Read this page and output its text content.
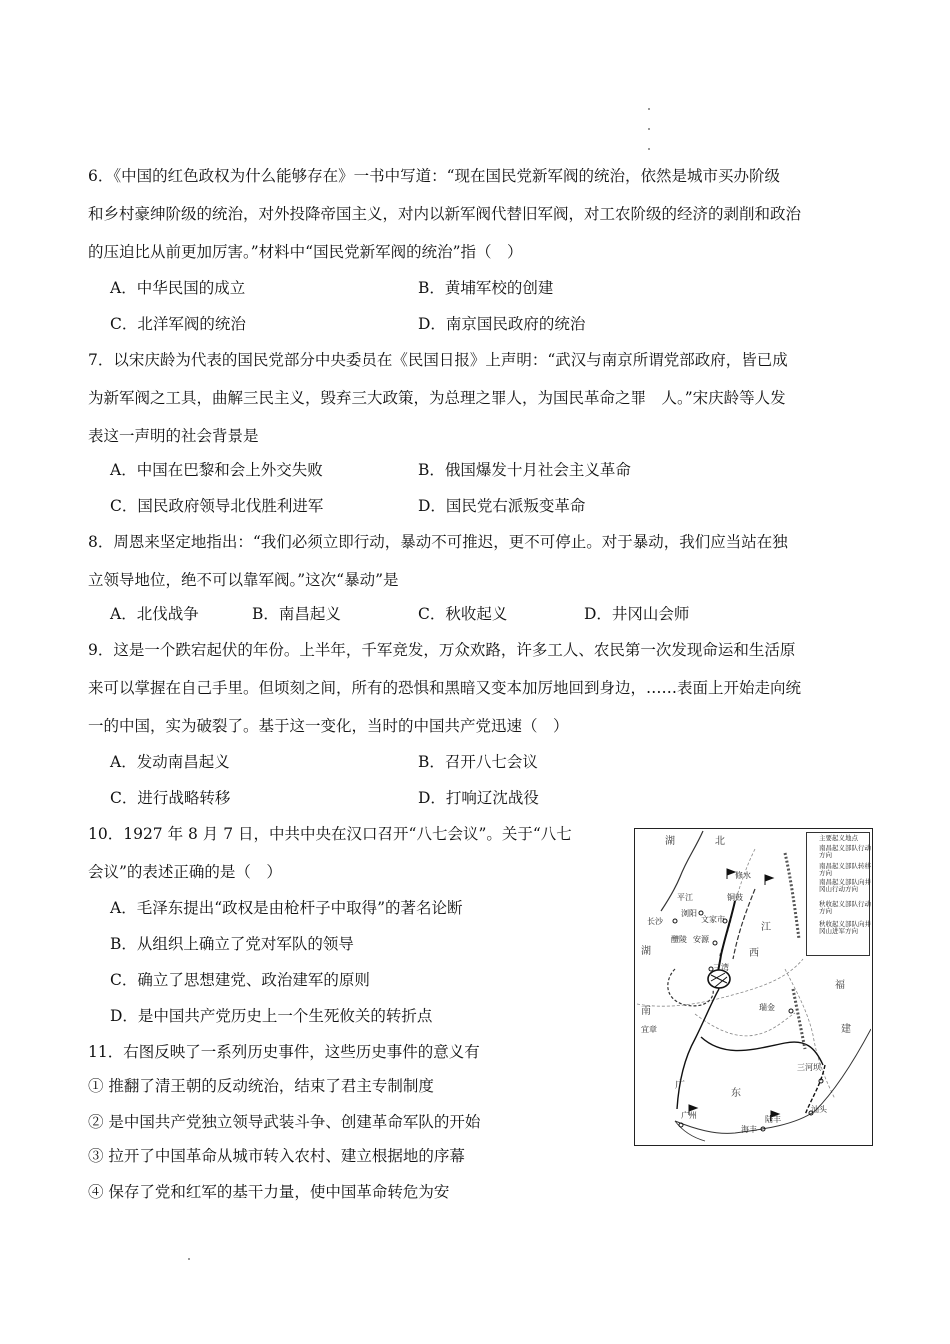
6．《中国的红色政权为什么能够存在》一书中写道：“现在国民党新军阀的统治，依然是城市买办阶级
和乡村豪绅阶级的统治，对外投降帝国主义，对内以新军阀代替旧军阀，对工农阶级的经济的剥削和政治
的压迫比从前更加厉害。”材料中“国民党新军阀的统治”指（　）
A．中华民国的成立	B．黄埔军校的创建
C．北洋军阀的统治	D．南京国民政府的统治
7．以宋庆龄为代表的国民党部分中央委员在《民国日报》上声明：“武汉与南京所谓党部政府，皆已成
为新军阀之工具，曲解三民主义，毁弃三大政策，为总理之罪人，为国民革命之罪　人。”宋庆龄等人发
表这一声明的社会背景是
A．中国在巴黎和会上外交失败	B．俄国爆发十月社会主义革命
C．国民政府领导北伐胜利进军	D．国民党右派叛变革命
8．周恩来坚定地指出：“我们必须立即行动，暴动不可推迟，更不可停止。对于暴动，我们应当站在独
立领导地位，绝不可以靠军阀。”这次“暴动”是
A．北伐战争	B．南昌起义	C．秋收起义	D．井冈山会师
9．这是一个跌宕起伏的年份。上半年，千军竞发，万众欢路，许多工人、农民第一次发现命运和生活原
来可以掌握在自己手里。但顷刻之间，所有的恐惧和黑暗又变本加厉地回到身边，……表面上开始走向统
一的中国，实为破裂了。基于这一变化，当时的中国共产党迅速（　）
A．发动南昌起义	B．召开八七会议
C．进行战略转移	D．打响辽沈战役
10．1927 年 8 月 7 日，中共中央在汉口召开“八七会议”。关于“八七
会议”的表述正确的是（　）
A．毛泽东提出“政权是由枪杆子中取得”的著名论断
B．从组织上确立了党对军队的领导
C．确立了思想建党、政治建军的原则
D．是中国共产党历史上一个生死攸关的转折点
11．右图反映了一系列历史事件，这些历史事件的意义有
① 推翻了清王朝的反动统治，结束了君主专制制度
② 是中国共产党独立领导武装斗争、创建革命军队的开始
③ 拉开了中国革命从城市转入农村、建立根据地的序幕
④ 保存了党和红军的基干力量，使中国革命转危为安
主要起义地点
南昌起义部队行动方向
南昌起义部队转移方向
南昌起义部队向井冈山行动方向
秋收起义部队行动方向
秋收起义部队向井冈山进军方向
湖	北
湖
南
江
西
福
建
广
东
平江
修水
浏阳
铜鼓
长沙	文家市
醴陵 安源
三湾
瑞金
宜章
三河坝
广州	陆丰
海丰
汕头
